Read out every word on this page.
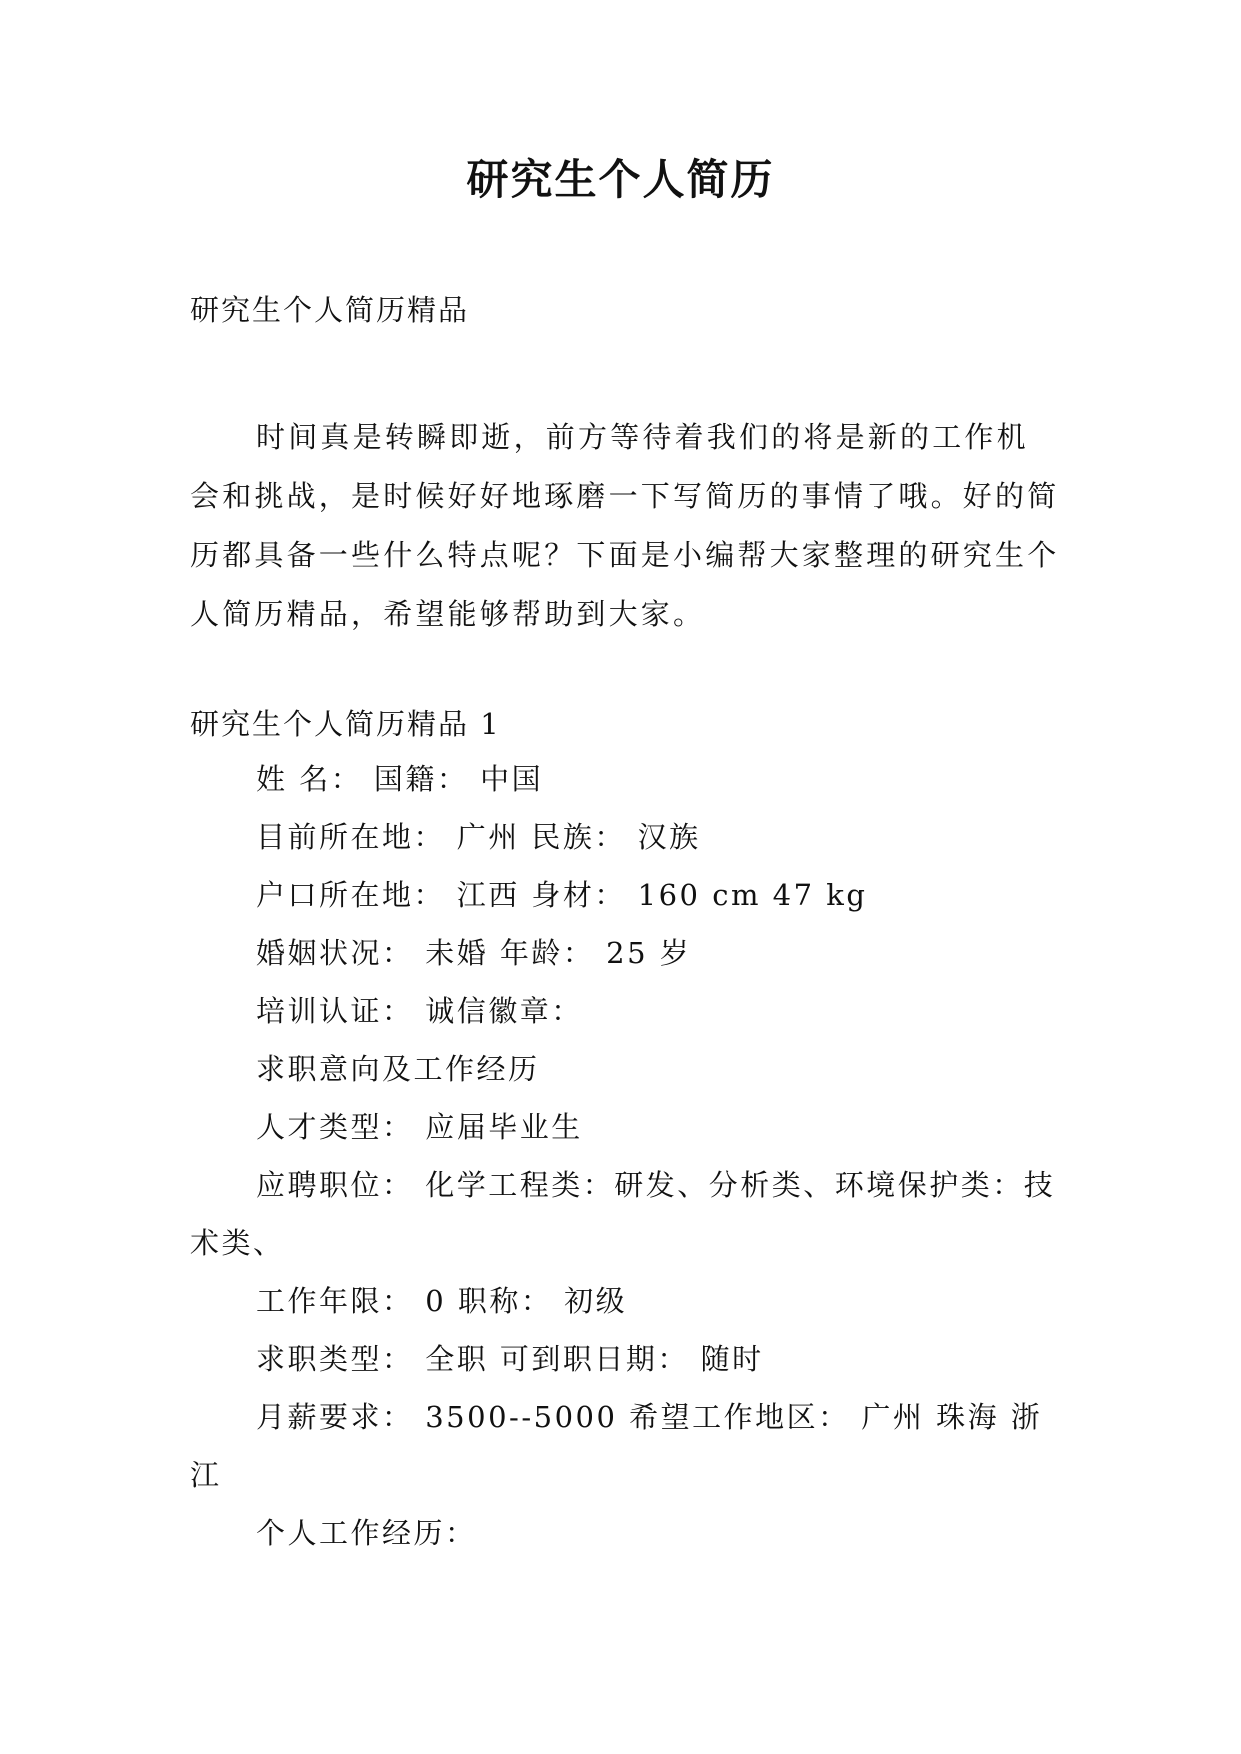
研究生个人简历
研究生个人简历精品

时间真是转瞬即逝，前方等待着我们的将是新的工作机会和挑战，是时候好好地琢磨一下写简历的事情了哦。好的简历都具备一些什么特点呢？下面是小编帮大家整理的研究生个人简历精品，希望能够帮助到大家。

研究生个人简历精品 1
姓 名： 国籍： 中国
目前所在地： 广州 民族： 汉族
户口所在地： 江西 身材： 160 cm 47 kg
婚姻状况： 未婚 年龄： 25 岁
培训认证： 诚信徽章：
求职意向及工作经历
人才类型： 应届毕业生
应聘职位： 化学工程类：研发、分析类、环境保护类：技术类、
工作年限： 0 职称： 初级
求职类型： 全职 可到职日期： 随时
月薪要求： 3500--5000 希望工作地区： 广州 珠海 浙江
个人工作经历：
